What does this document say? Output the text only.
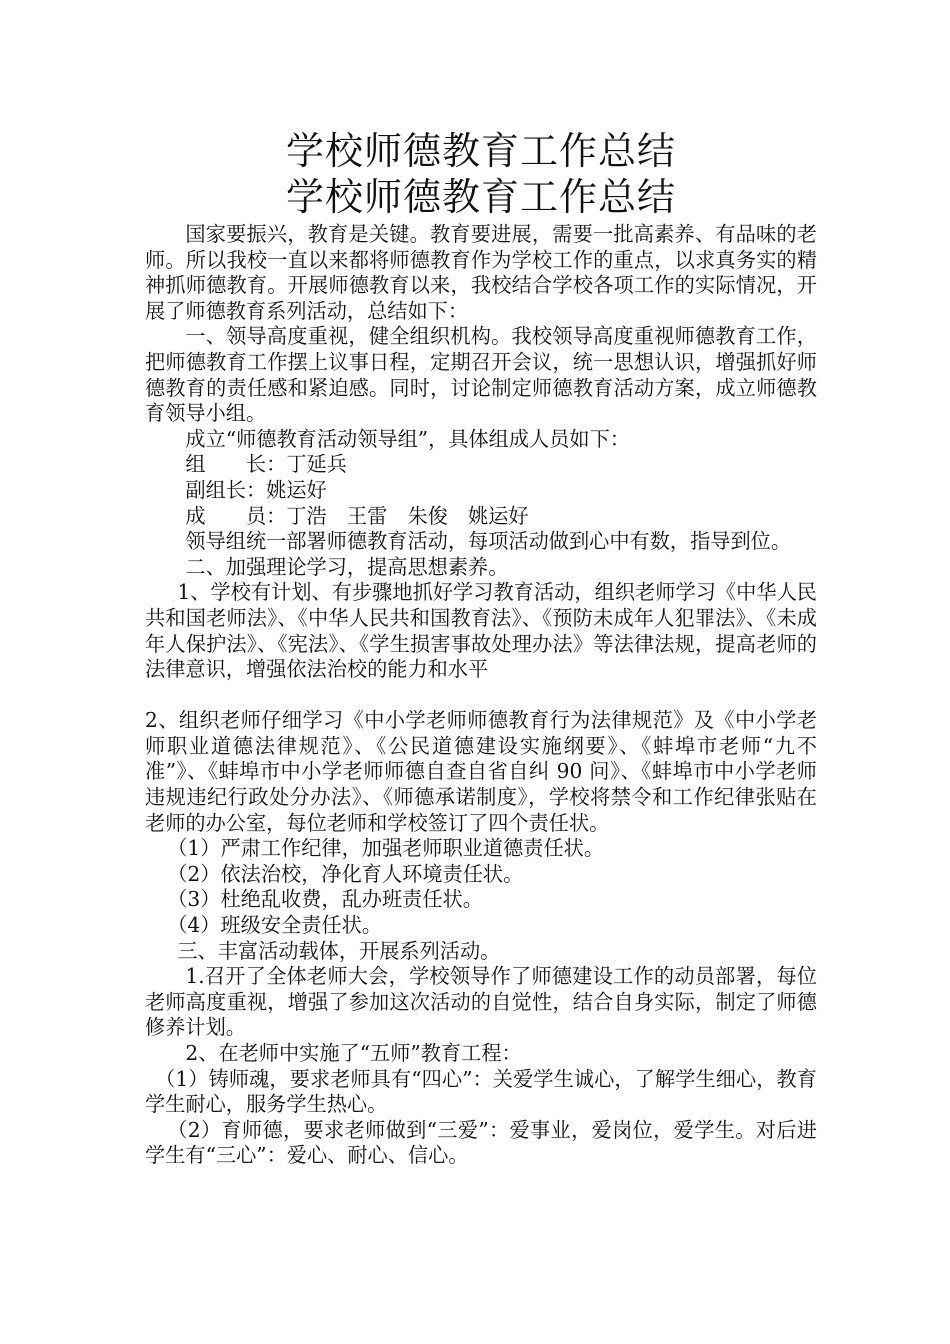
学校师德教育工作总结
学校师德教育工作总结

国家要振兴，教育是关键。教育要进展，需要一批高素养、有品味的老师。所以我校一直以来都将师德教育作为学校工作的重点，以求真务实的精神抓师德教育。开展师德教育以来，我校结合学校各项工作的实际情况，开展了师德教育系列活动，总结如下：

一、领导高度重视，健全组织机构。我校领导高度重视师德教育工作，把师德教育工作摆上议事日程，定期召开会议，统一思想认识，增强抓好师德教育的责任感和紧迫感。同时，讨论制定师德教育活动方案，成立师德教育领导小组。

成立“师德教育活动领导组”，具体组成人员如下：

组　　长：丁延兵

副组长：姚运好

成　　员：丁浩　王雷　朱俊　姚运好

领导组统一部署师德教育活动，每项活动做到心中有数，指导到位。

二、加强理论学习，提高思想素养。

1、学校有计划、有步骤地抓好学习教育活动，组织老师学习《中华人民共和国老师法》、《中华人民共和国教育法》、《预防未成年人犯罪法》、《未成年人保护法》、《宪法》、《学生损害事故处理办法》等法律法规，提高老师的法律意识，增强依法治校的能力和水平

2、组织老师仔细学习《中小学老师师德教育行为法律规范》及《中小学老师职业道德法律规范》、《公民道德建设实施纲要》、《蚌埠市老师“九不准”》、《蚌埠市中小学老师师德自查自省自纠 90 问》、《蚌埠市中小学老师违规违纪行政处分办法》、《师德承诺制度》，学校将禁令和工作纪律张贴在老师的办公室，每位老师和学校签订了四个责任状。

（1）严肃工作纪律，加强老师职业道德责任状。

（2）依法治校，净化育人环境责任状。

（3）杜绝乱收费，乱办班责任状。

（4）班级安全责任状。

三、丰富活动载体，开展系列活动。

1.召开了全体老师大会，学校领导作了师德建设工作的动员部署，每位老师高度重视，增强了参加这次活动的自觉性，结合自身实际，制定了师德修养计划。

2、在老师中实施了“五师”教育工程：

（1）铸师魂，要求老师具有“四心”：关爱学生诚心，了解学生细心，教育学生耐心，服务学生热心。

（2）育师德，要求老师做到“三爱”：爱事业，爱岗位，爱学生。对后进学生有“三心”：爱心、耐心、信心。
